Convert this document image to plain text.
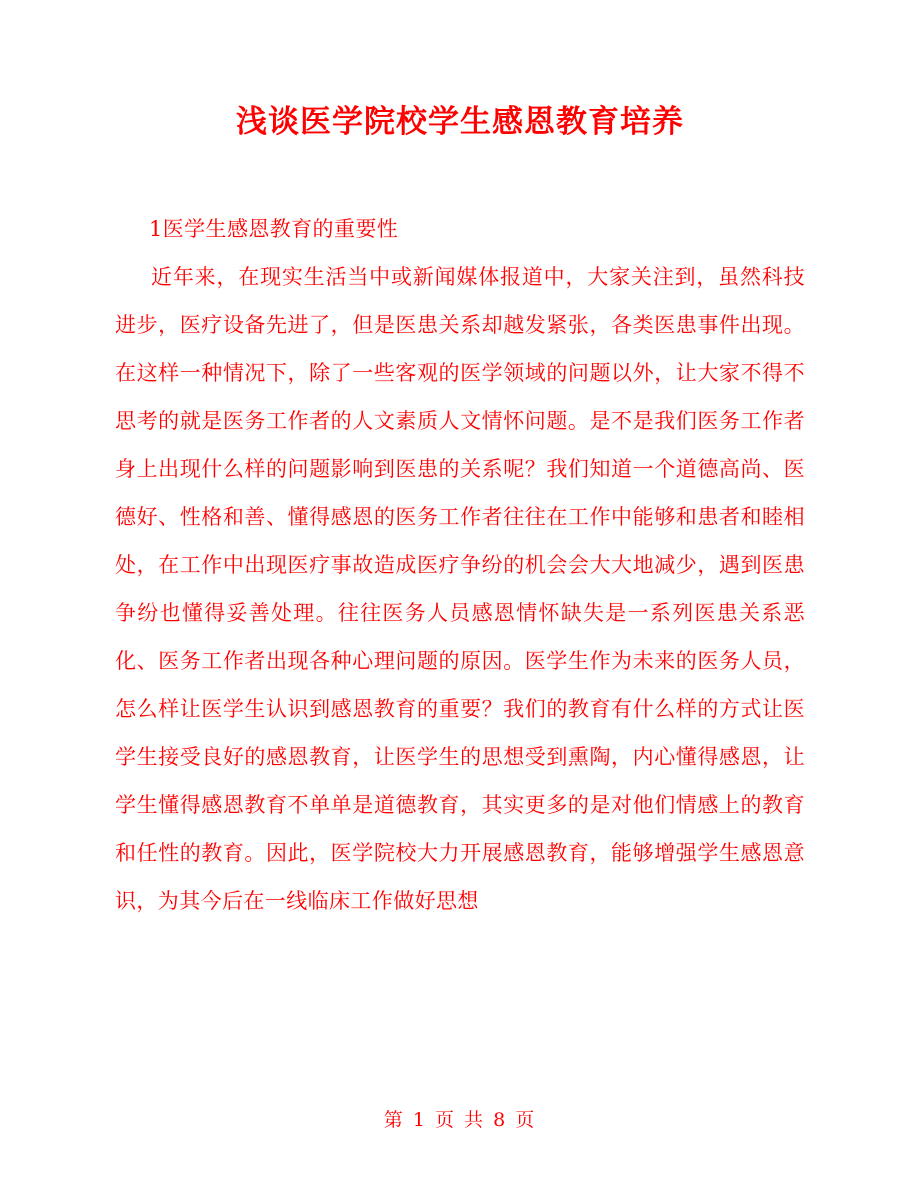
浅谈医学院校学生感恩教育培养

1医学生感恩教育的重要性

近年来，在现实生活当中或新闻媒体报道中，大家关注到，虽然科技进步，医疗设备先进了，但是医患关系却越发紧张，各类医患事件出现。在这样一种情况下，除了一些客观的医学领域的问题以外，让大家不得不思考的就是医务工作者的人文素质人文情怀问题。是不是我们医务工作者身上出现什么样的问题影响到医患的关系呢？我们知道一个道德高尚、医德好、性格和善、懂得感恩的医务工作者往往在工作中能够和患者和睦相处，在工作中出现医疗事故造成医疗争纷的机会会大大地减少，遇到医患争纷也懂得妥善处理。往往医务人员感恩情怀缺失是一系列医患关系恶化、医务工作者出现各种心理问题的原因。医学生作为未来的医务人员，怎么样让医学生认识到感恩教育的重要？我们的教育有什么样的方式让医学生接受良好的感恩教育，让医学生的思想受到熏陶，内心懂得感恩，让学生懂得感恩教育不单单是道德教育，其实更多的是对他们情感上的教育和任性的教育。因此，医学院校大力开展感恩教育，能够增强学生感恩意识，为其今后在一线临床工作做好思想

第 1 页 共 8 页
